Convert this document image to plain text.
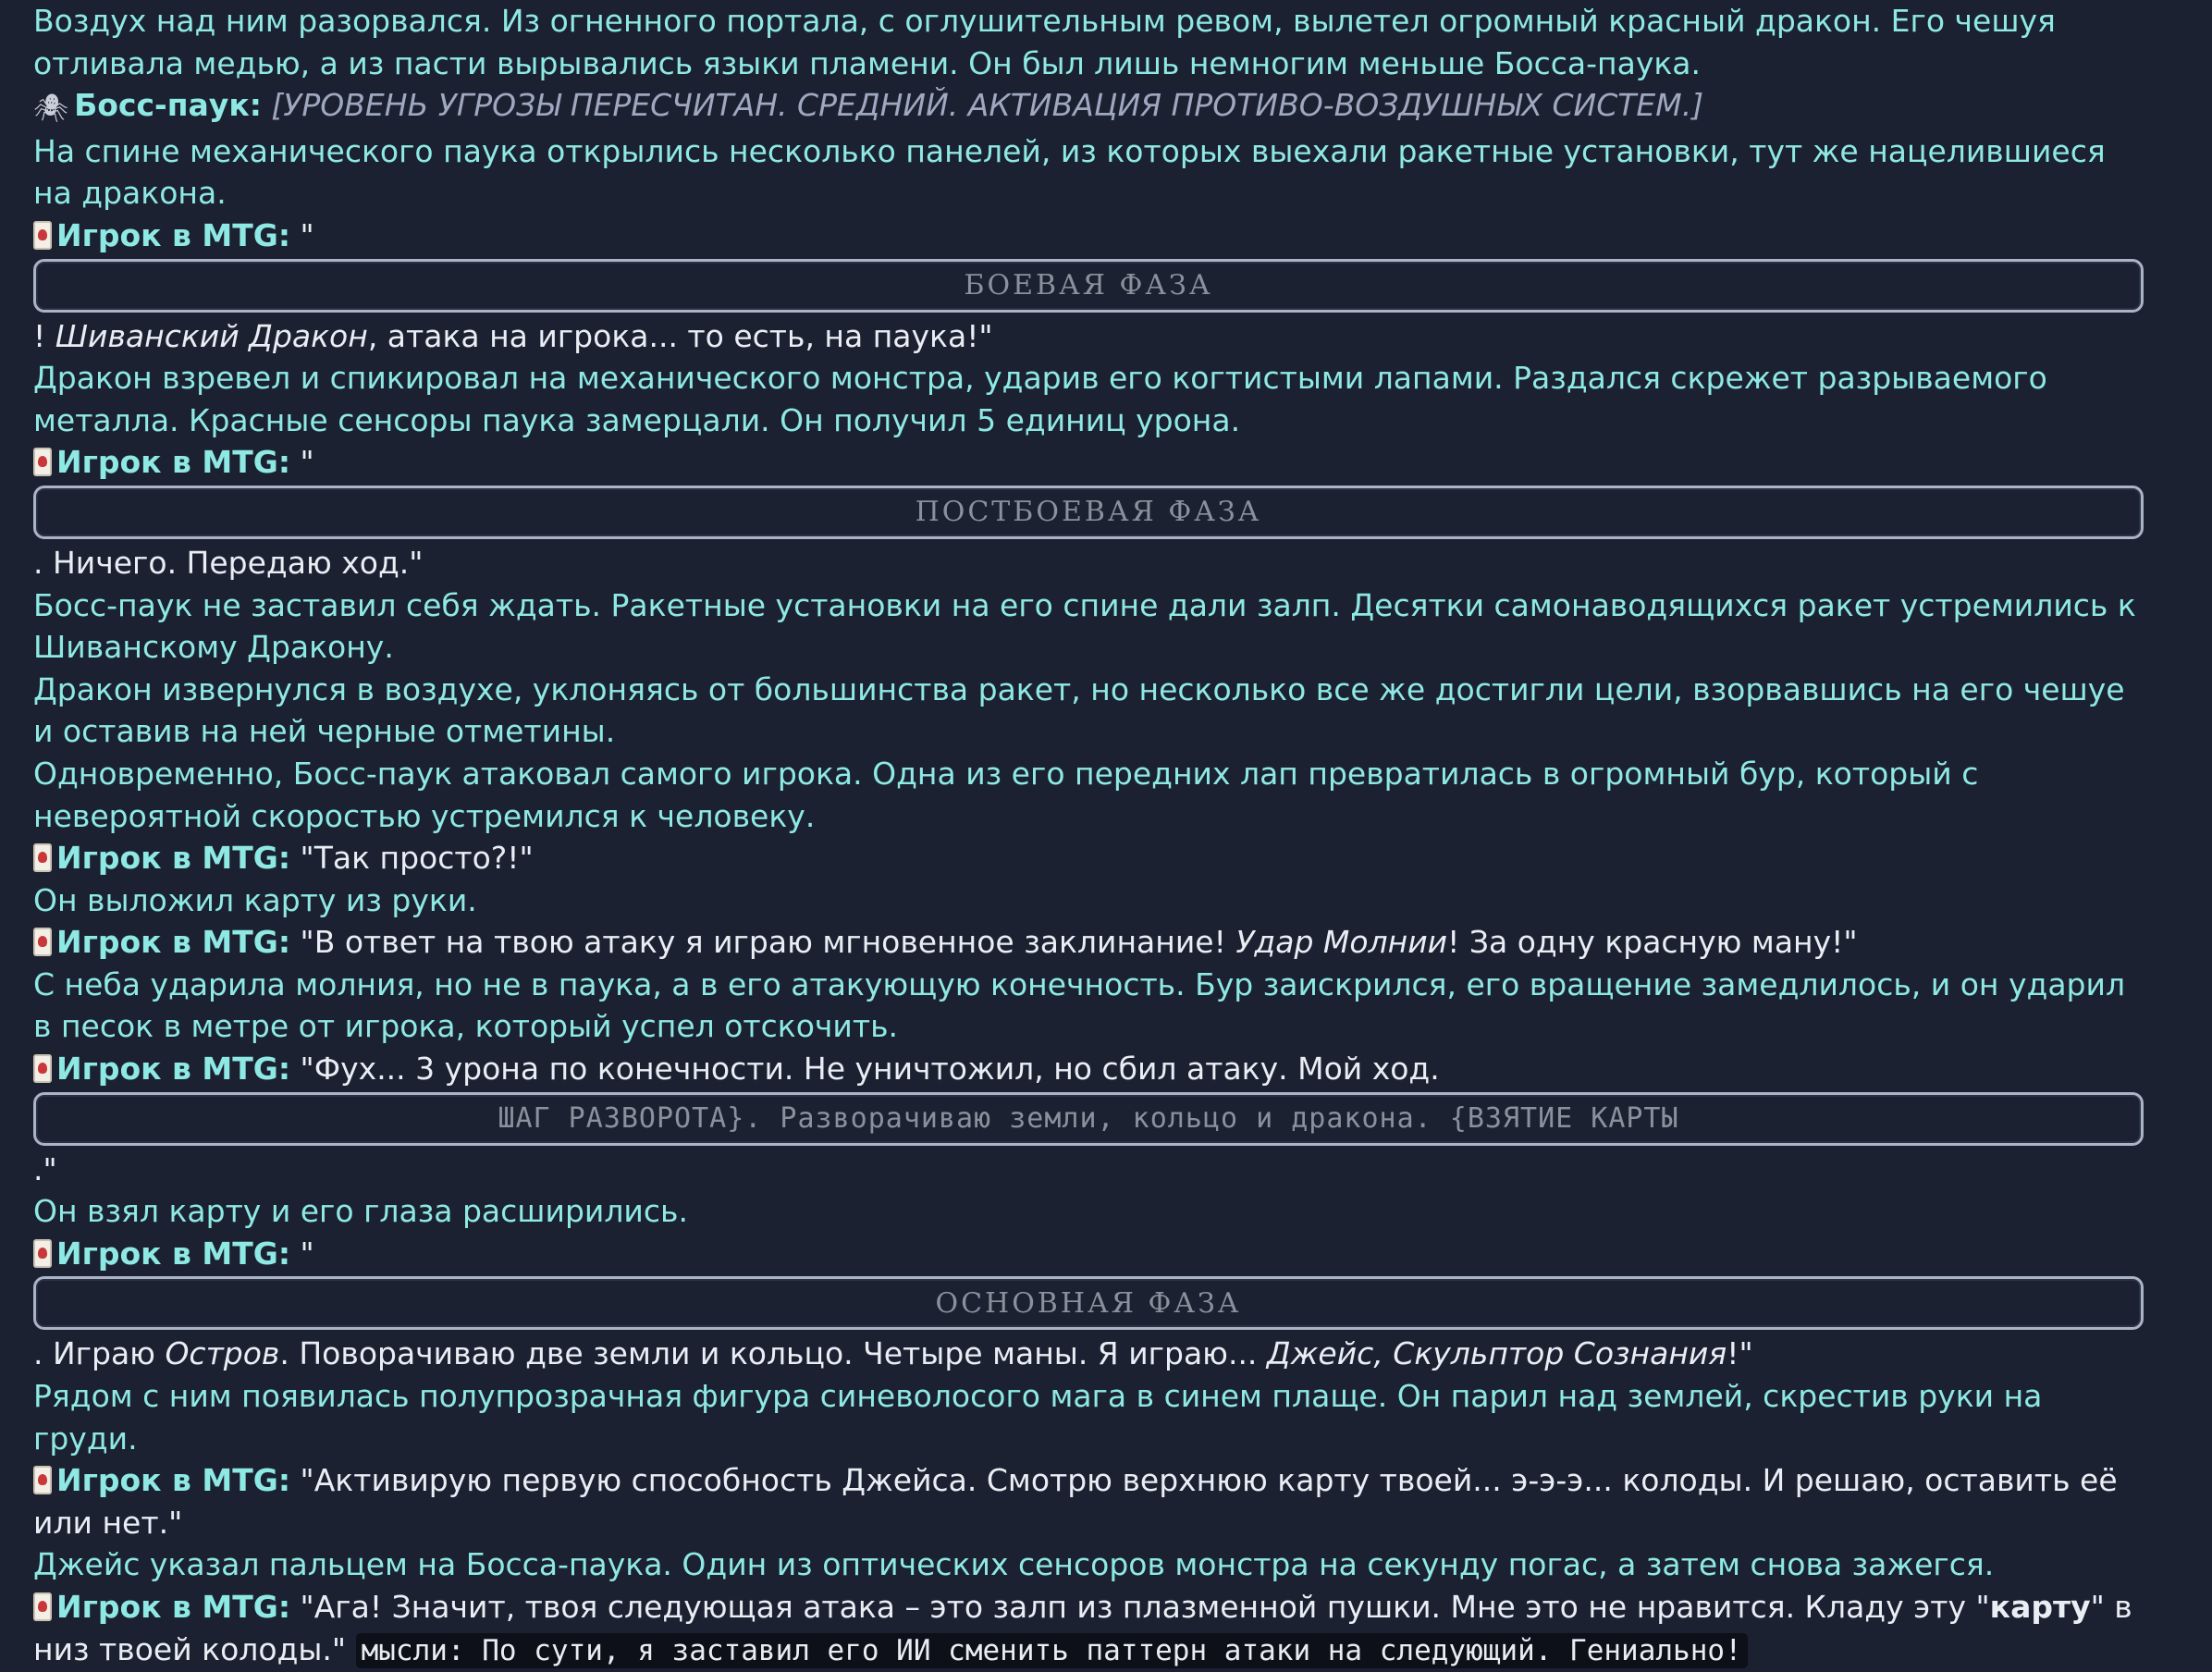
Воздух над ним разорвался. Из огненного портала, с оглушительным ревом, вылетел огромный красный дракон. Его чешуя отливала медью, а из пасти вырывались языки пламени. Он был лишь немногим меньше Босса-паука.
🕷 Босс-паук: [УРОВЕНЬ УГРОЗЫ ПЕРЕСЧИТАН. СРЕДНИЙ. АКТИВАЦИЯ ПРОТИВО-ВОЗДУШНЫХ СИСТЕМ.]
На спине механического паука открылись несколько панелей, из которых выехали ракетные установки, тут же нацелившиеся на дракона.
Игрок в MTG: "
БОЕВАЯ ФАЗА
! Шиванский Дракон, атака на игрока... то есть, на паука!"
Дракон взревел и спикировал на механического монстра, ударив его когтистыми лапами. Раздался скрежет разрываемого металла. Красные сенсоры паука замерцали. Он получил 5 единиц урона.
Игрок в MTG: "
ПОСТБОЕВАЯ ФАЗА
. Ничего. Передаю ход."
Босс-паук не заставил себя ждать. Ракетные установки на его спине дали залп. Десятки самонаводящихся ракет устремились к Шиванскому Дракону.
Дракон извернулся в воздухе, уклоняясь от большинства ракет, но несколько все же достигли цели, взорвавшись на его чешуе и оставив на ней черные отметины.
Одновременно, Босс-паук атаковал самого игрока. Одна из его передних лап превратилась в огромный бур, который с невероятной скоростью устремился к человеку.
Игрок в MTG: "Так просто?!"
Он выложил карту из руки.
Игрок в MTG: "В ответ на твою атаку я играю мгновенное заклинание! Удар Молнии! За одну красную ману!"
С неба ударила молния, но не в паука, а в его атакующую конечность. Бур заискрился, его вращение замедлилось, и он ударил в песок в метре от игрока, который успел отскочить.
Игрок в MTG: "Фух... 3 урона по конечности. Не уничтожил, но сбил атаку. Мой ход.
ШАГ РАЗВОРОТА}. Разворачиваю земли, кольцо и дракона. {ВЗЯТИЕ КАРТЫ
."
Он взял карту и его глаза расширились.
Игрок в MTG: "
ОСНОВНАЯ ФАЗА
. Играю Остров. Поворачиваю две земли и кольцо. Четыре маны. Я играю... Джейс, Скульптор Сознания!"
Рядом с ним появилась полупрозрачная фигура синеволосого мага в синем плаще. Он парил над землей, скрестив руки на груди.
Игрок в MTG: "Активирую первую способность Джейса. Смотрю верхнюю карту твоей... э-э-э... колоды. И решаю, оставить её или нет."
Джейс указал пальцем на Босса-паука. Один из оптических сенсоров монстра на секунду погас, а затем снова зажегся.
Игрок в MTG: "Ага! Значит, твоя следующая атака – это залп из плазменной пушки. Мне это не нравится. Кладу эту "карту" в низ твоей колоды." мысли: По сути, я заставил его ИИ сменить паттерн атаки на следующий. Гениально!
